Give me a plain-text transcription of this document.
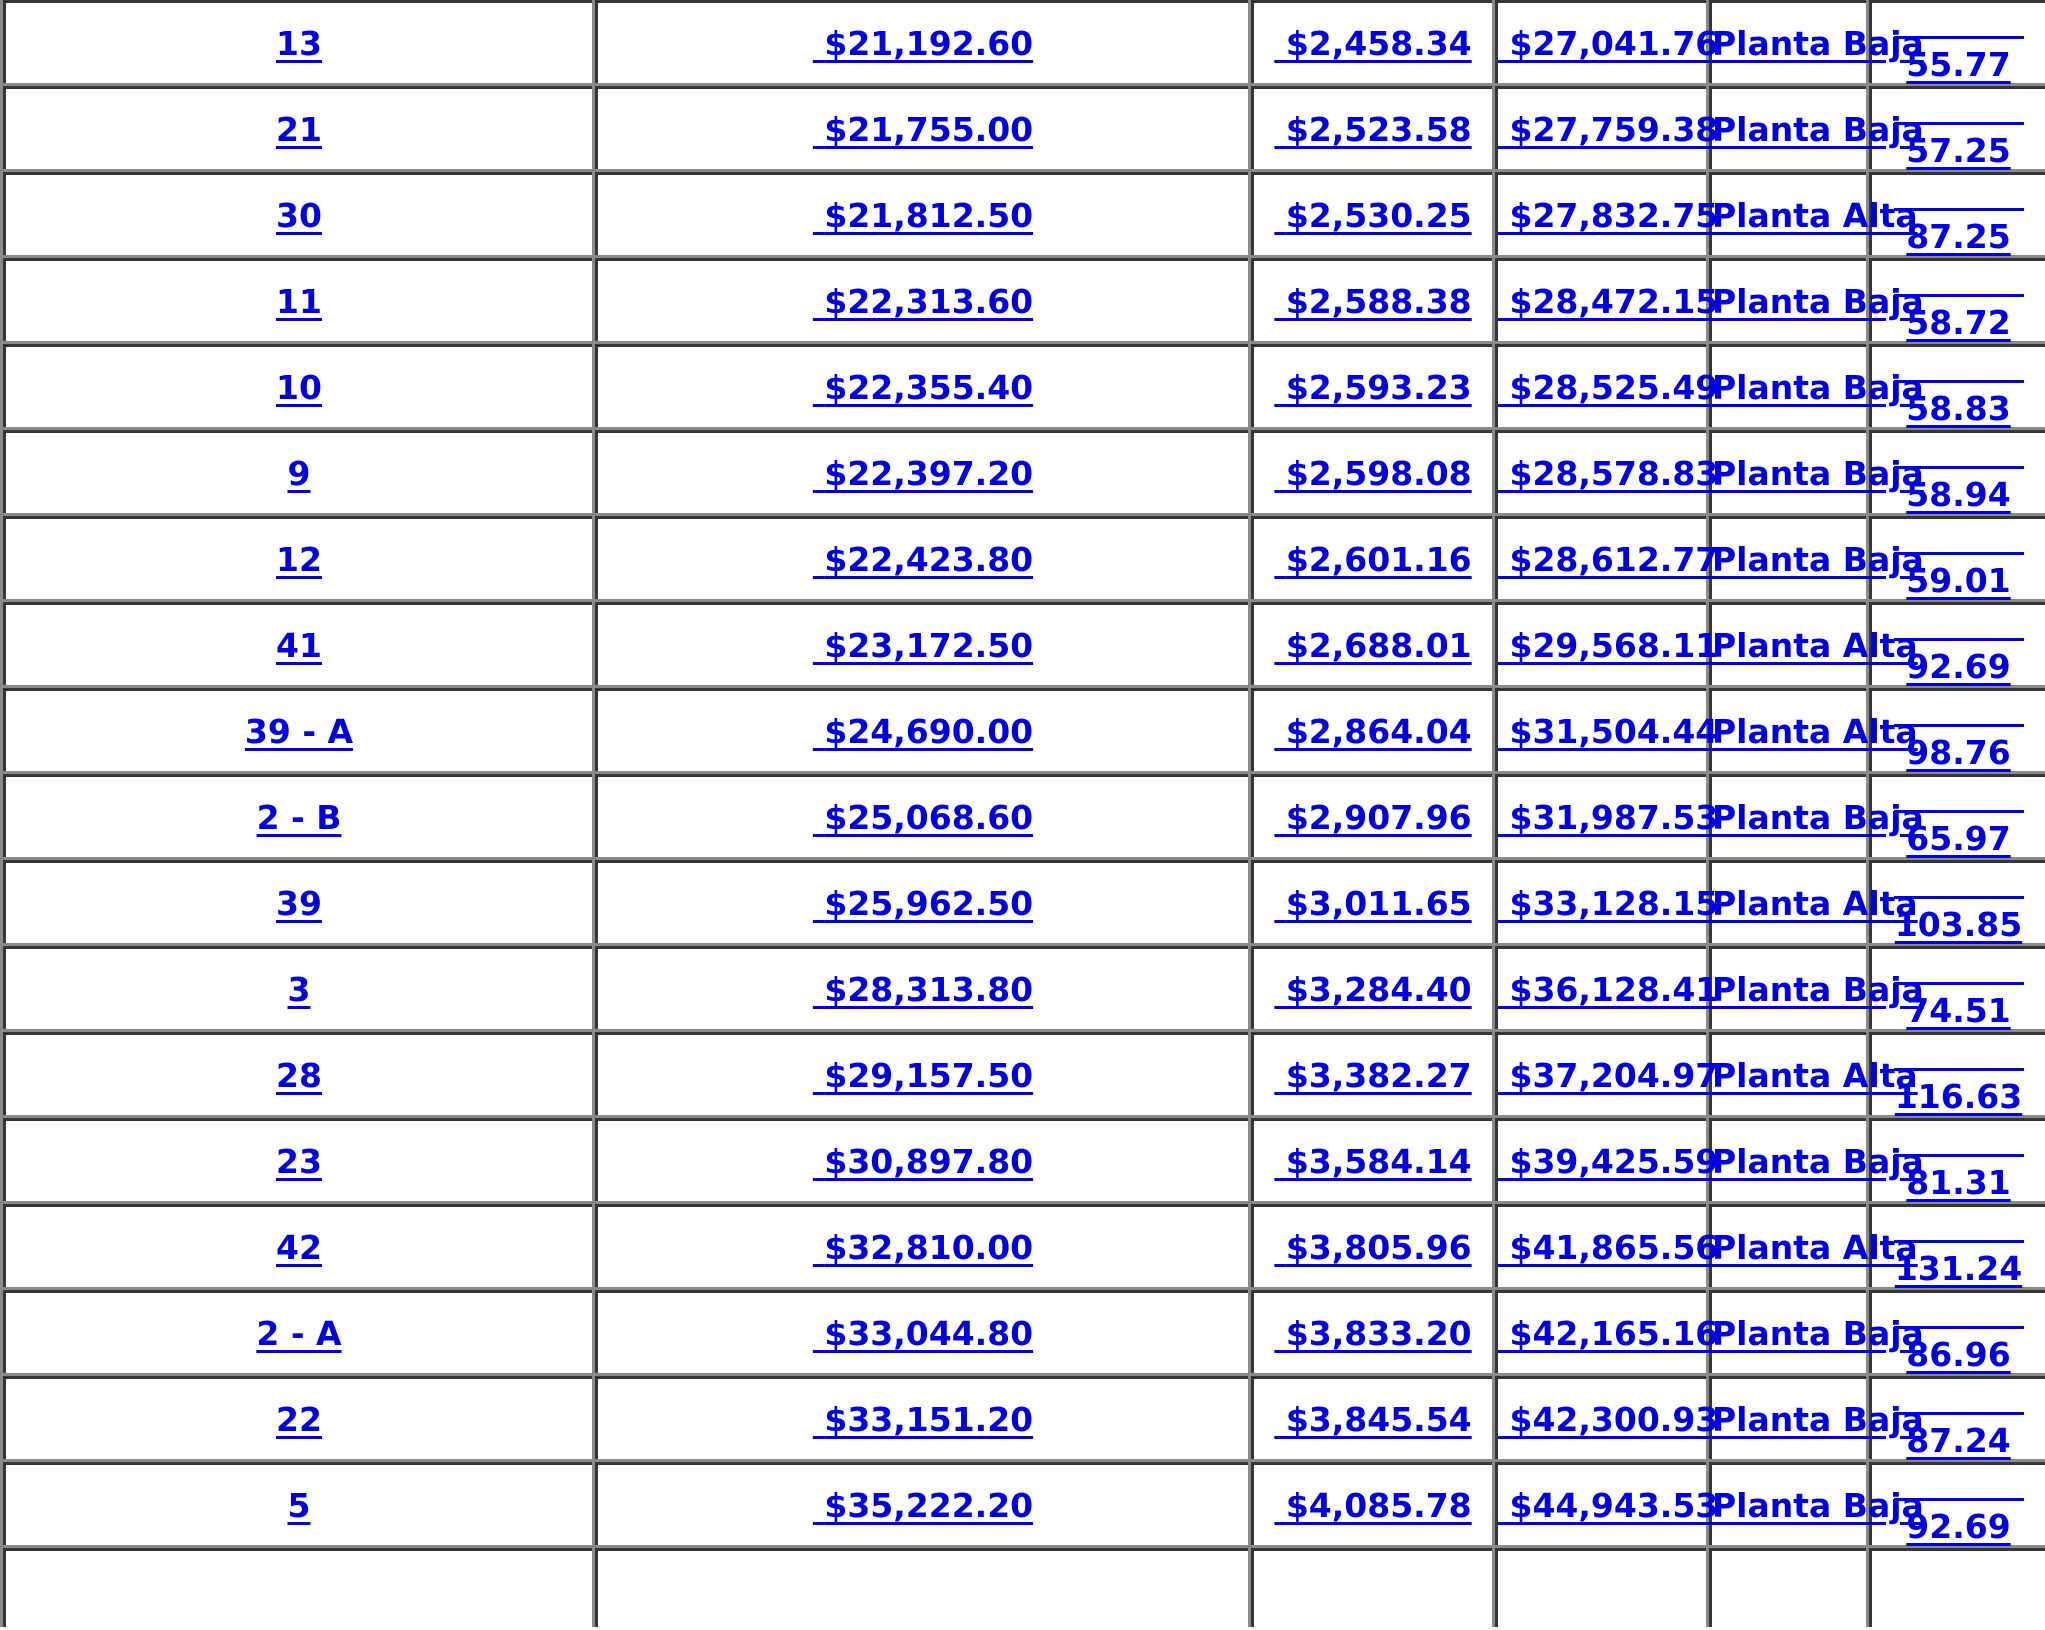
13	$21,192.60	$2,458.34	$27,041.76	Planta Baja	55.77
21	$21,755.00	$2,523.58	$27,759.38	Planta Baja	57.25
30	$21,812.50	$2,530.25	$27,832.75	Planta Alta	87.25
11	$22,313.60	$2,588.38	$28,472.15	Planta Baja	58.72
10	$22,355.40	$2,593.23	$28,525.49	Planta Baja	58.83
9	$22,397.20	$2,598.08	$28,578.83	Planta Baja	58.94
12	$22,423.80	$2,601.16	$28,612.77	Planta Baja	59.01
41	$23,172.50	$2,688.01	$29,568.11	Planta Alta	92.69
39 - A	$24,690.00	$2,864.04	$31,504.44	Planta Alta	98.76
2 - B	$25,068.60	$2,907.96	$31,987.53	Planta Baja	65.97
39	$25,962.50	$3,011.65	$33,128.15	Planta Alta	103.85
3	$28,313.80	$3,284.40	$36,128.41	Planta Baja	74.51
28	$29,157.50	$3,382.27	$37,204.97	Planta Alta	116.63
23	$30,897.80	$3,584.14	$39,425.59	Planta Baja	81.31
42	$32,810.00	$3,805.96	$41,865.56	Planta Alta	131.24
2 - A	$33,044.80	$3,833.20	$42,165.16	Planta Baja	86.96
22	$33,151.20	$3,845.54	$42,300.93	Planta Baja	87.24
5	$35,222.20	$4,085.78	$44,943.53	Planta Baja	92.69
